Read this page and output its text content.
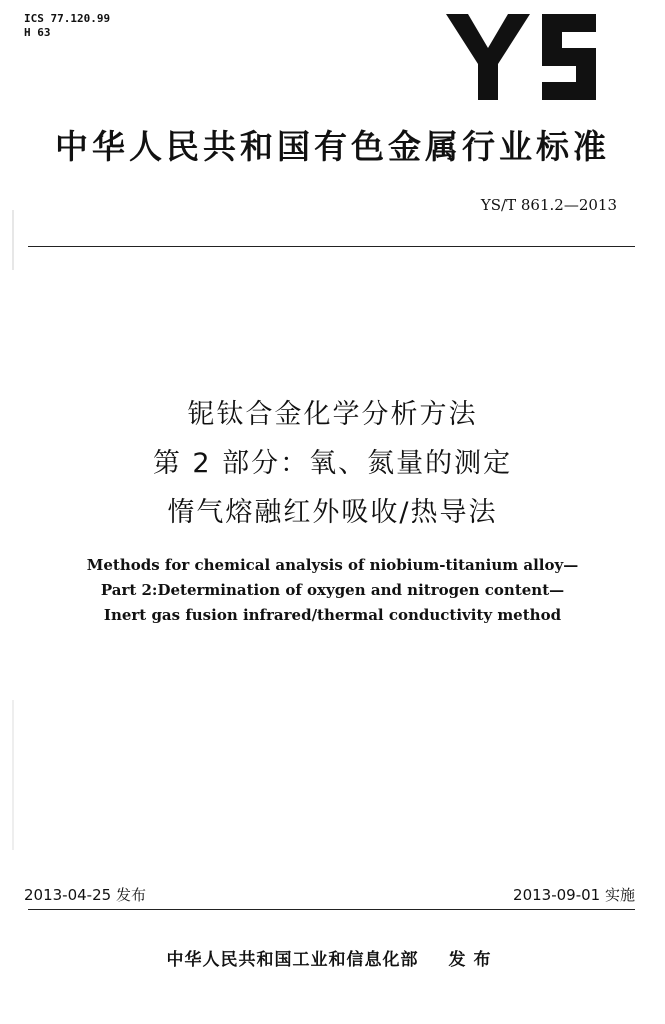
ICS 77.120.99
H 63
中华人民共和国有色金属行业标准
YS/T 861.2—2013
铌钛合金化学分析方法
第 2 部分：氧、氮量的测定
惰气熔融红外吸收/热导法
Methods for chemical analysis of niobium-titanium alloy—
Part 2:Determination of oxygen and nitrogen content—
Inert gas fusion infrared/thermal conductivity method
2013-04-25 发布	2013-09-01 实施
中华人民共和国工业和信息化部 发布
